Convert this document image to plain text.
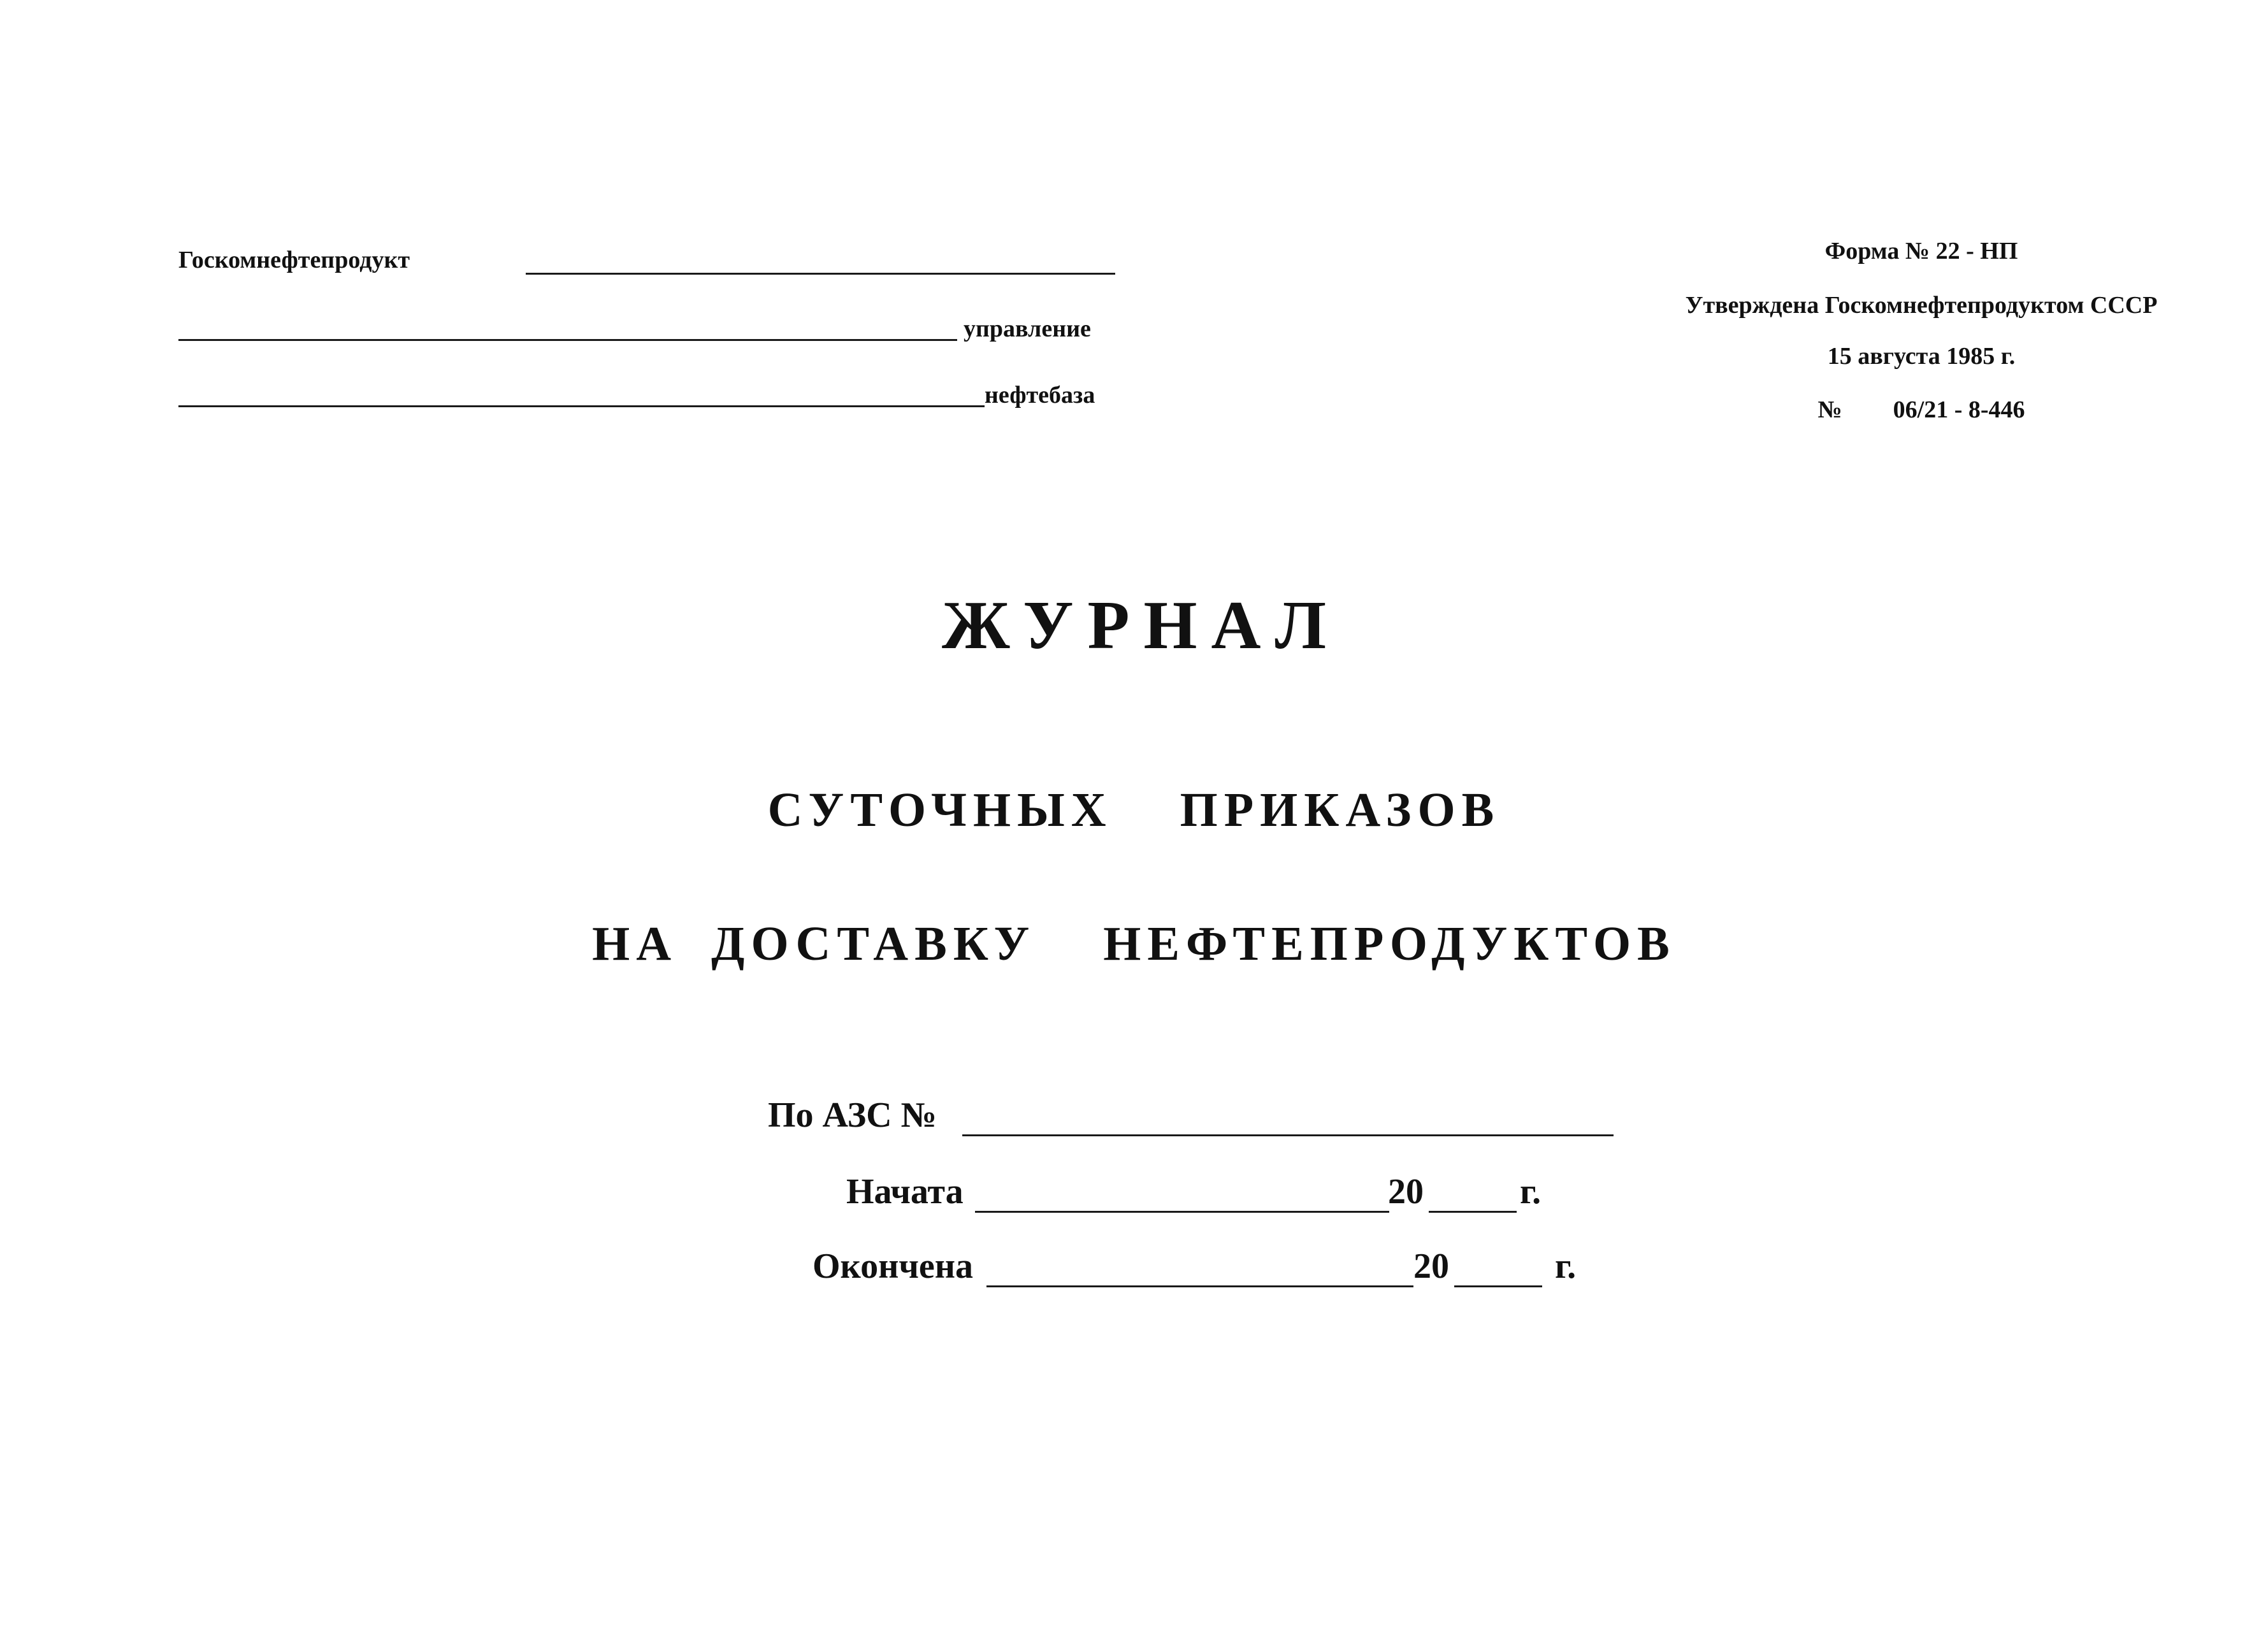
Госкомнефтепродукт
управление
нефтебаза
Форма № 22 - НП
Утверждена Госкомнефтепродуктом СССР
15 августа 1985 г.
№ 06/21 - 8-446
ЖУРНАЛ
СУТОЧНЫХ  ПРИКАЗОВ
НА ДОСТАВКУ  НЕФТЕПРОДУКТОВ
По АЗС №
Начата	20	г.
Окончена	20	г.
